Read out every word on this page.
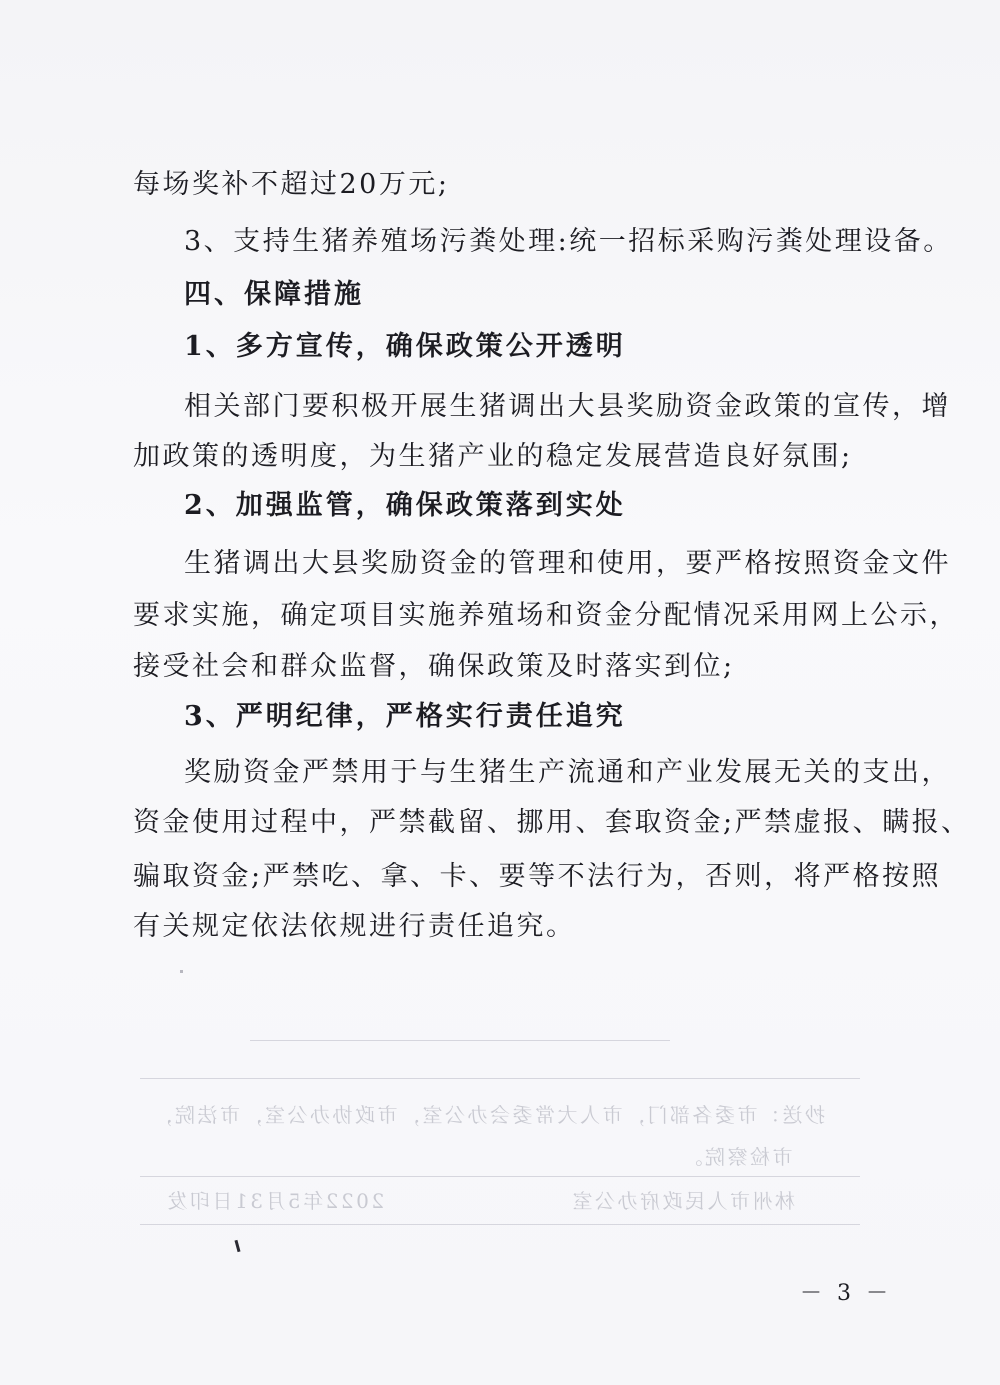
每场奖补不超过20万元;
3、支持生猪养殖场污粪处理:统一招标采购污粪处理设备。
四、保障措施
1、多方宣传，确保政策公开透明
相关部门要积极开展生猪调出大县奖励资金政策的宣传，增
加政策的透明度，为生猪产业的稳定发展营造良好氛围;
2、加强监管，确保政策落到实处
生猪调出大县奖励资金的管理和使用，要严格按照资金文件
要求实施，确定项目实施养殖场和资金分配情况采用网上公示，
接受社会和群众监督，确保政策及时落实到位;
3、严明纪律，严格实行责任追究
奖励资金严禁用于与生猪生产流通和产业发展无关的支出，
资金使用过程中，严禁截留、挪用、套取资金;严禁虚报、瞒报、
骗取资金;严禁吃、拿、卡、要等不法行为，否则，将严格按照
有关规定依法依规进行责任追究。
抄送：市委各部门，市人大常委会办公室，市政协办公室，市法院，
市检察院。
林州市人民政府办公室
2022年5月31日印发
－ 3 －
